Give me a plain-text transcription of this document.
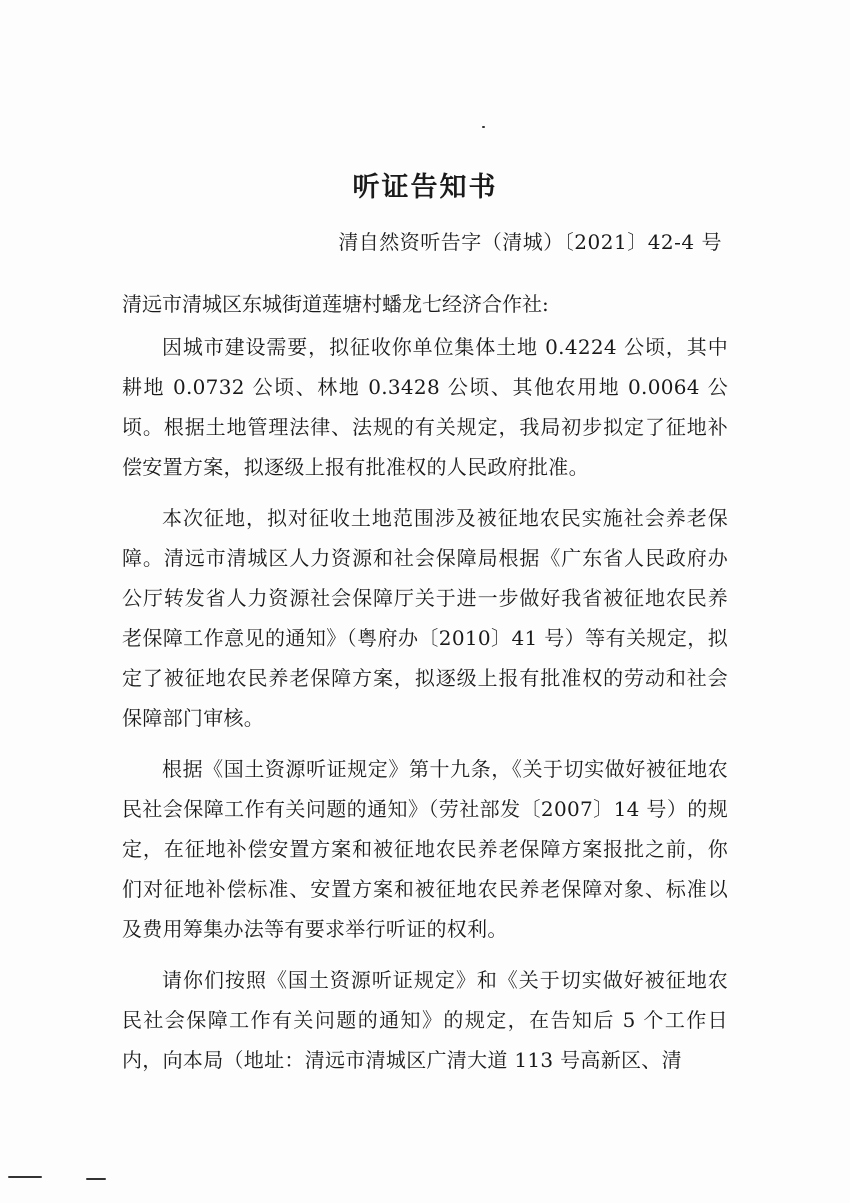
听证告知书

清自然资听告字（清城）〔2021〕42-4 号

清远市清城区东城街道莲塘村蟠龙七经济合作社:

因城市建设需要，拟征收你单位集体土地 0.4224 公顷，其中耕地 0.0732 公顷、林地 0.3428 公顷、其他农用地 0.0064 公顷。根据土地管理法律、法规的有关规定，我局初步拟定了征地补偿安置方案，拟逐级上报有批准权的人民政府批准。

本次征地，拟对征收土地范围涉及被征地农民实施社会养老保障。清远市清城区人力资源和社会保障局根据《广东省人民政府办公厅转发省人力资源社会保障厅关于进一步做好我省被征地农民养老保障工作意见的通知》（粤府办〔2010〕41 号）等有关规定，拟定了被征地农民养老保障方案，拟逐级上报有批准权的劳动和社会保障部门审核。

根据《国土资源听证规定》第十九条，《关于切实做好被征地农民社会保障工作有关问题的通知》（劳社部发〔2007〕14 号）的规定，在征地补偿安置方案和被征地农民养老保障方案报批之前，你们对征地补偿标准、安置方案和被征地农民养老保障对象、标准以及费用筹集办法等有要求举行听证的权利。

请你们按照《国土资源听证规定》和《关于切实做好被征地农民社会保障工作有关问题的通知》的规定，在告知后 5 个工作日内，向本局（地址：清远市清城区广清大道 113 号高新区、清
